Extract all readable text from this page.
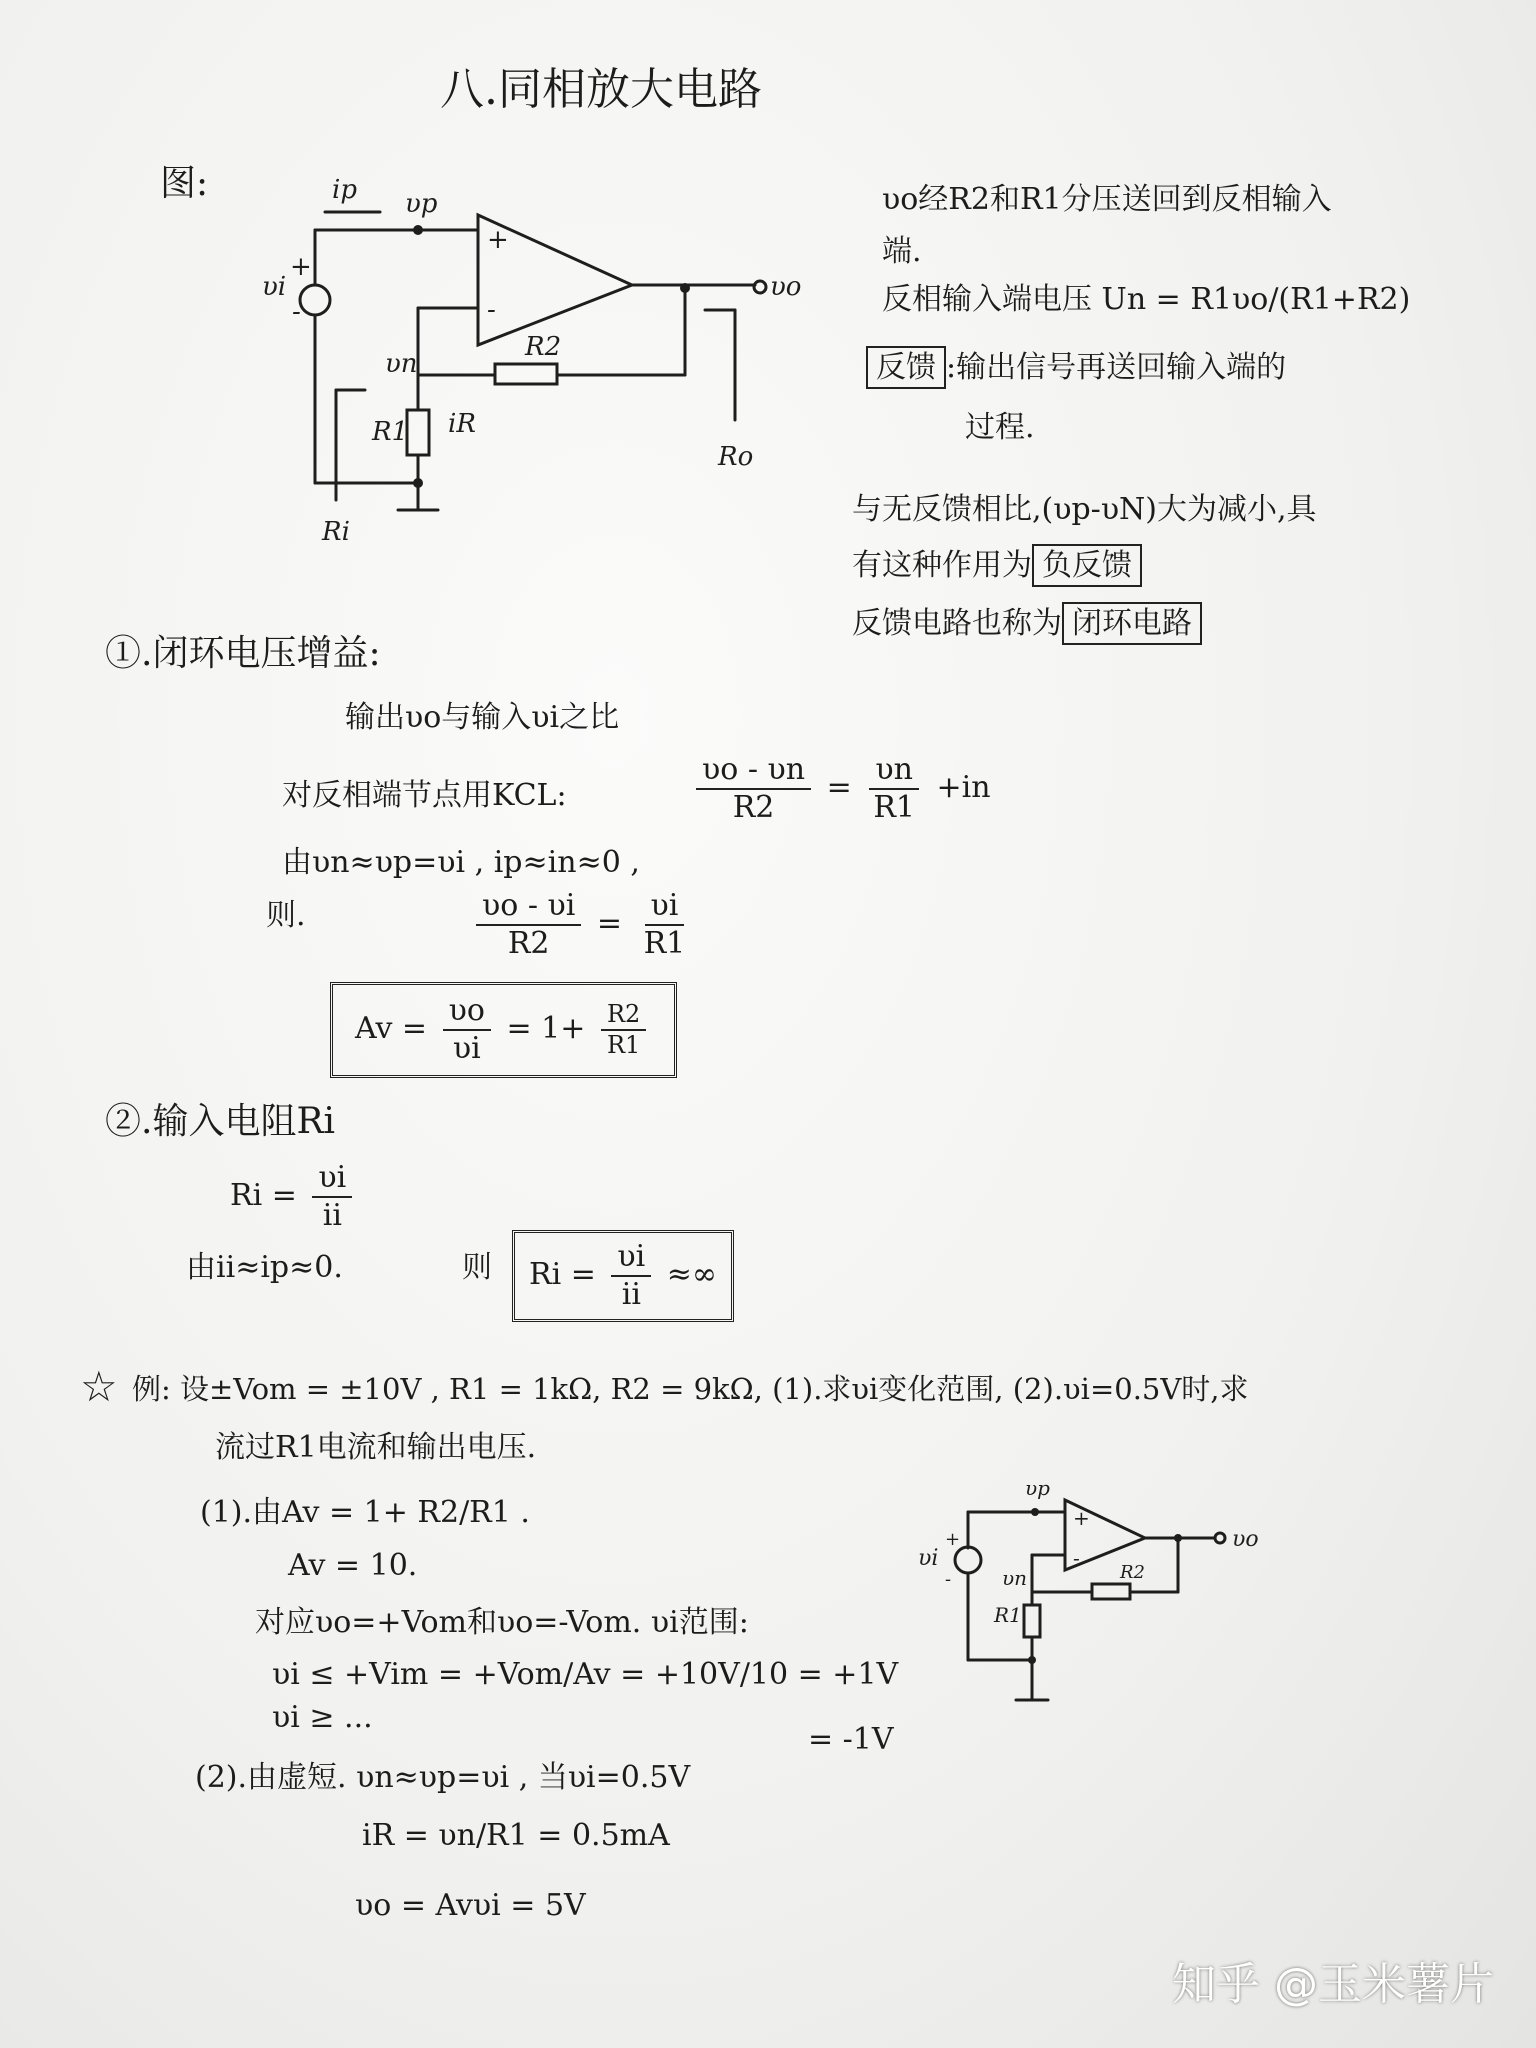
八.同相放大电路
图:	ip υp
+
-
υi
+
-
υo
υn
R2
R1 iR
Ro
Ri
υo经R2和R1分压送回到反相输入
端.
反相输入端电压 Un = R1υo/(R1+R2)
反馈 :输出信号再送回输入端的
过程.
与无反馈相比,(υp-υN)大为减小,具
有这种作用为 负反馈
反馈电路也称为 闭环电路
①.闭环电压增益:
输出υo与输入υi之比
对反相端节点用KCL:	$\frac{\upsilon o - \upsilon n}{R2} = \frac{\upsilon n}{R1} +in$
由υn≈υp=υi , ip≈in≈0 ,
则.	$\frac{\upsilon o - \upsilon i}{R2} = \frac{\upsilon i}{R1}$
$Av = \frac{\upsilon o}{\upsilon i} = 1+ \frac{R2}{R1}$
②.输入电阻Ri
$Ri = \frac{\upsilon i}{ii}$
由ii≈ip≈0.	则	$Ri = \frac{\upsilon i}{ii}$ ≈∞
☆ 例: 设±Vom = ±10V , R1 = 1kΩ, R2 = 9kΩ, (1).求υi变化范围, (2).υi=0.5V时,求
流过R1电流和输出电压.
(1).由Av = 1+ R2/R1 .
Av = 10.
对应υo=+Vom和υo=-Vom. υi范围:
υi ≤ +Vim = +Vom/Av = +10V/10 = +1V
υi ≥ ...
= -1V
(2).由虚短. υn≈υp=υi , 当υi=0.5V
iR = υn/R1 = 0.5mA
υo = Avυi = 5V
υp
+
-
υi
+
-
υo
υn	R2
R1
知乎 @玉米薯片
